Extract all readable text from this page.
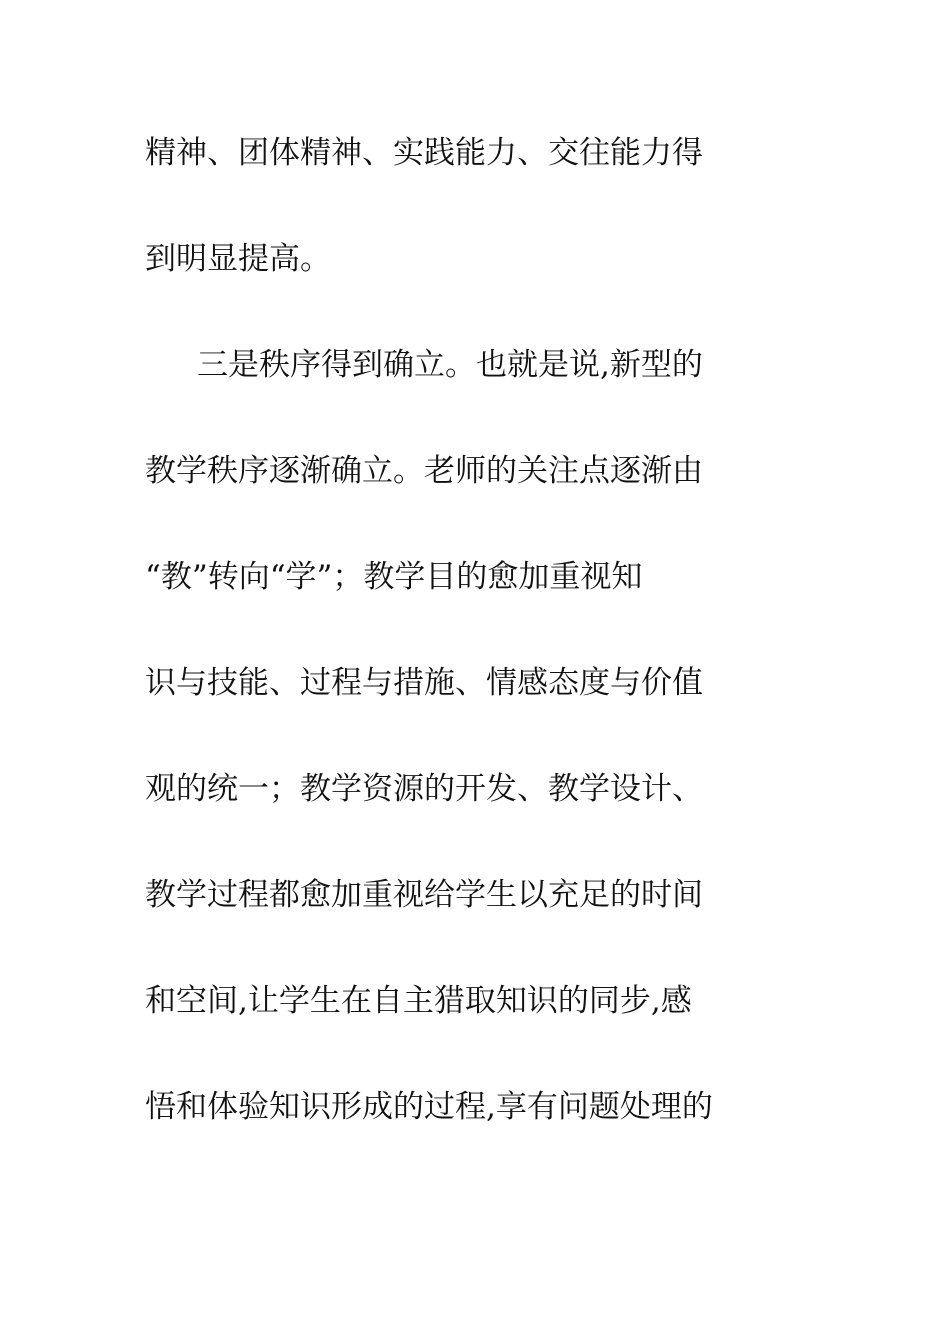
精神、团体精神、实践能力、交往能力得
到明显提高。
三是秩序得到确立。也就是说,新型的
教学秩序逐渐确立。老师的关注点逐渐由
“教”转向“学”；教学目的愈加重视知
识与技能、过程与措施、情感态度与价值
观的统一；教学资源的开发、教学设计、
教学过程都愈加重视给学生以充足的时间
和空间,让学生在自主猎取知识的同步,感
悟和体验知识形成的过程,享有问题处理的
